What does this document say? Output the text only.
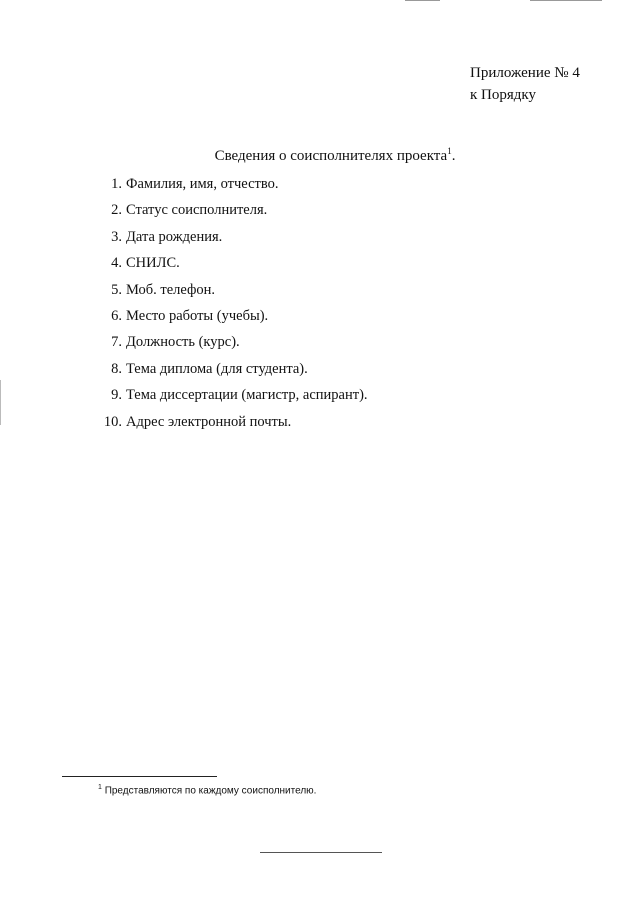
Приложение № 4
к Порядку
Сведения о соисполнителях проекта$^1$.
1. Фамилия, имя, отчество.
2. Статус соисполнителя.
3. Дата рождения.
4. СНИЛС.
5. Моб. телефон.
6. Место работы (учебы).
7. Должность (курс).
8. Тема диплома (для студента).
9. Тема диссертации (магистр, аспирант).
10. Адрес электронной почты.
$^1$ Представляются по каждому соисполнителю.
